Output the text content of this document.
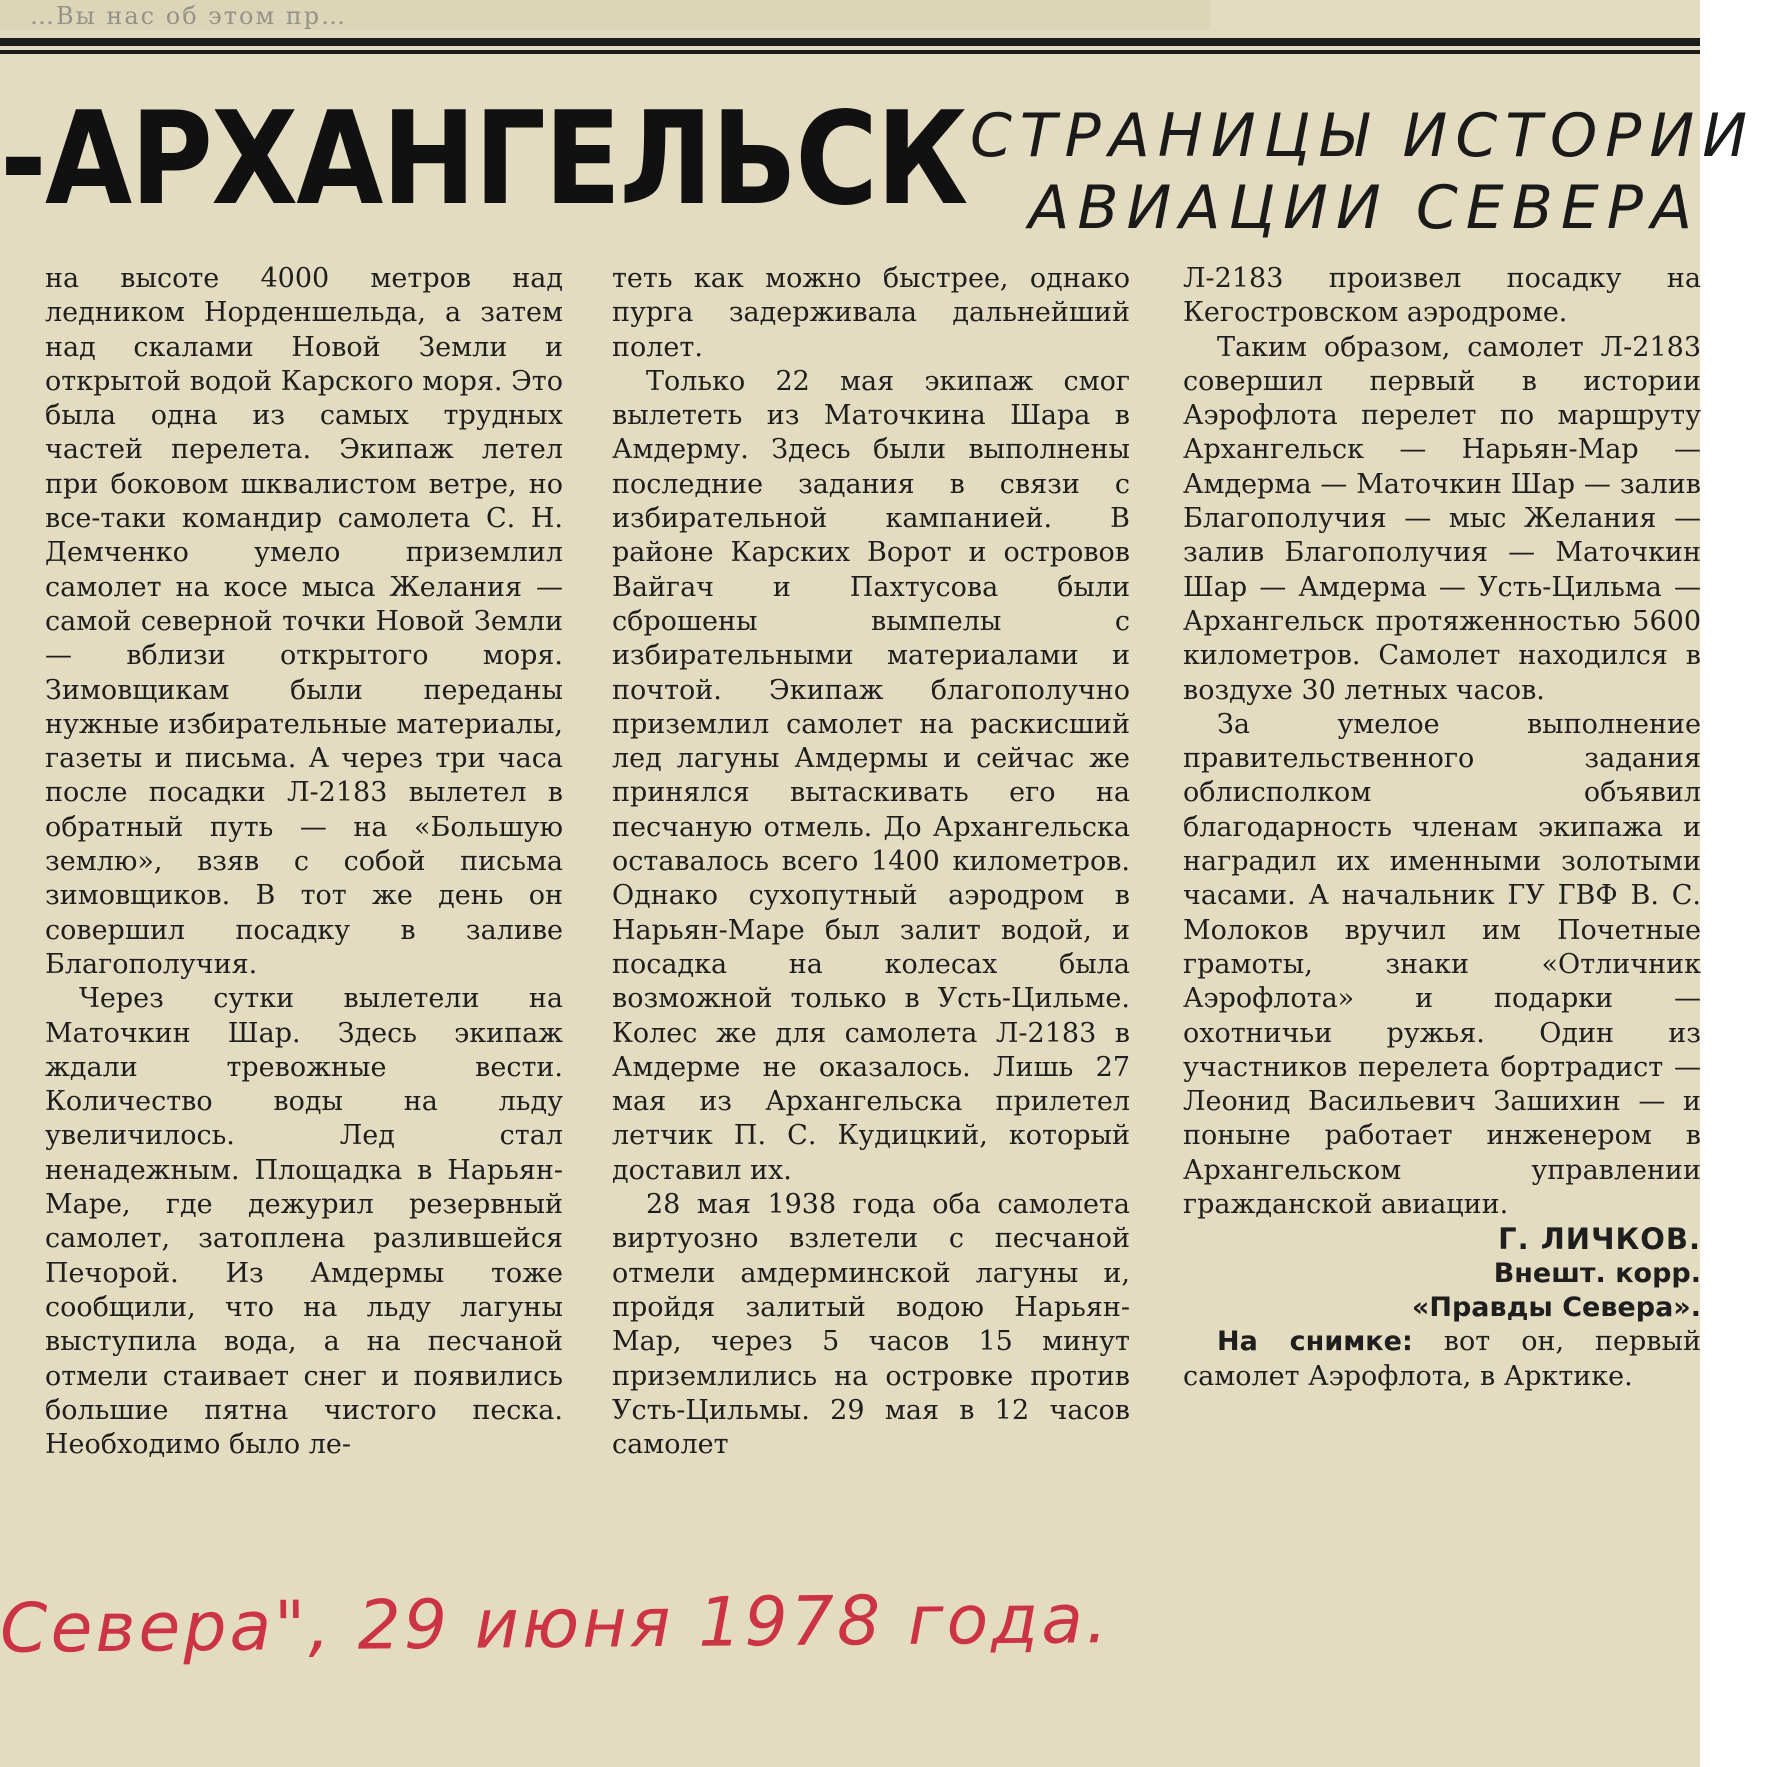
…Вы нас об этом пр…
-АРХАНГЕЛЬСК СТРАНИЦЫ ИСТОРИИ
АВИАЦИИ СЕВЕРА

на высоте 4000 метров над ледником Норденшельда, а затем над скалами Новой Земли и открытой водой Карского моря. Это была одна из самых трудных частей перелета. Экипаж летел при боковом шквалистом ветре, но все-таки командир самолета С. Н. Демченко умело приземлил самолет на косе мыса Желания — самой северной точки Новой Земли — вблизи открытого моря. Зимовщикам были переданы нужные избирательные материалы, газеты и письма. А через три часа после посадки Л-2183 вылетел в обратный путь — на «Большую землю», взяв с собой письма зимовщиков. В тот же день он совершил посадку в заливе Благополучия.

Через сутки вылетели на Маточкин Шар. Здесь экипаж ждали тревожные вести. Количество воды на льду увеличилось. Лед стал ненадежным. Площадка в Нарьян-Маре, где дежурил резервный самолет, затоплена разлившейся Печорой. Из Амдермы тоже сообщили, что на льду лагуны выступила вода, а на песчаной отмели стаивает снег и появились большие пятна чистого песка. Необходимо было ле-

теть как можно быстрее, однако пурга задерживала дальнейший полет.

Только 22 мая экипаж смог вылететь из Маточкина Шара в Амдерму. Здесь были выполнены последние задания в связи с избирательной кампанией. В районе Карских Ворот и островов Вайгач и Пахтусова были сброшены вымпелы с избирательными материалами и почтой. Экипаж благополучно приземлил самолет на раскисший лед лагуны Амдермы и сейчас же принялся вытаскивать его на песчаную отмель. До Архангельска оставалось всего 1400 километров. Однако сухопутный аэродром в Нарьян-Маре был залит водой, и посадка на колесах была возможной только в Усть-Цильме. Колес же для самолета Л-2183 в Амдерме не оказалось. Лишь 27 мая из Архангельска прилетел летчик П. С. Кудицкий, который доставил их.

28 мая 1938 года оба самолета виртуозно взлетели с песчаной отмели амдерминской лагуны и, пройдя залитый водою Нарьян-Мар, через 5 часов 15 минут приземлились на островке против Усть-Цильмы. 29 мая в 12 часов самолет

Л-2183 произвел посадку на Кегостровском аэродроме.

Таким образом, самолет Л-2183 совершил первый в истории Аэрофлота перелет по маршруту Архангельск — Нарьян-Мар — Амдерма — Маточкин Шар — залив Благополучия — мыс Желания — залив Благополучия — Маточкин Шар — Амдерма — Усть-Цильма — Архангельск протяженностью 5600 километров. Самолет находился в воздухе 30 летных часов.

За умелое выполнение правительственного задания облисполком объявил благодарность членам экипажа и наградил их именными золотыми часами. А начальник ГУ ГВФ В. С. Молоков вручил им Почетные грамоты, знаки «Отличник Аэрофлота» и подарки — охотничьи ружья. Один из участников перелета бортрадист — Леонид Васильевич Зашихин — и поныне работает инженером в Архангельском управлении гражданской авиации.

Г. ЛИЧКОВ.
Внешт. корр.
«Правды Севера».

На снимке: вот он, первый самолет Аэрофлота, в Арктике.

Севера", 29 июня 1978 года.
